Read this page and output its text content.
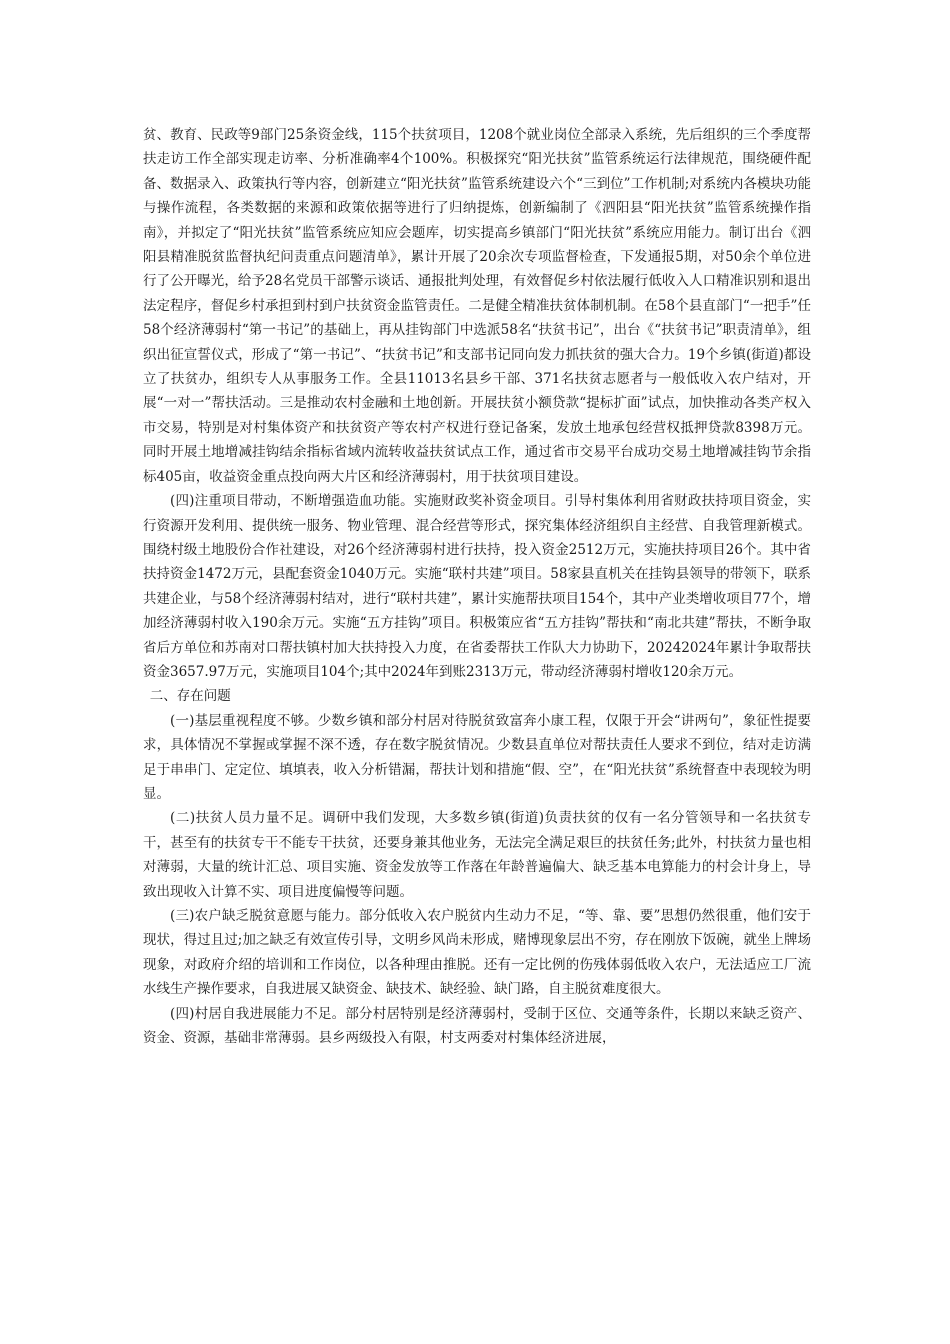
贫、教育、民政等9部门25条资金线，115个扶贫项目，1208个就业岗位全部录入系统，先后组织的三个季度帮扶走访工作全部实现走访率、分析准确率4个100%。积极探究“阳光扶贫”监管系统运行法律规范，围绕硬件配备、数据录入、政策执行等内容，创新建立“阳光扶贫”监管系统建设六个“三到位”工作机制;对系统内各模块功能与操作流程，各类数据的来源和政策依据等进行了归纳提炼，创新编制了《泗阳县“阳光扶贫”监管系统操作指南》，并拟定了“阳光扶贫”监管系统应知应会题库，切实提高乡镇部门“阳光扶贫”系统应用能力。制订出台《泗阳县精准脱贫监督执纪问责重点问题清单》，累计开展了20余次专项监督检查，下发通报5期，对50余个单位进行了公开曝光，给予28名党员干部警示谈话、通报批判处理，有效督促乡村依法履行低收入人口精准识别和退出法定程序，督促乡村承担到村到户扶贫资金监管责任。二是健全精准扶贫体制机制。在58个县直部门“一把手”任58个经济薄弱村“第一书记”的基础上，再从挂钩部门中选派58名“扶贫书记”，出台《“扶贫书记”职责清单》，组织出征宣誓仪式，形成了“第一书记”、“扶贫书记”和支部书记同向发力抓扶贫的强大合力。19个乡镇(街道)都设立了扶贫办，组织专人从事服务工作。全县11013名县乡干部、371名扶贫志愿者与一般低收入农户结对，开展“一对一”帮扶活动。三是推动农村金融和土地创新。开展扶贫小额贷款“提标扩面”试点，加快推动各类产权入市交易，特别是对村集体资产和扶贫资产等农村产权进行登记备案，发放土地承包经营权抵押贷款8398万元。同时开展土地增减挂钩结余指标省域内流转收益扶贫试点工作，通过省市交易平台成功交易土地增减挂钩节余指标405亩，收益资金重点投向两大片区和经济薄弱村，用于扶贫项目建设。

(四)注重项目带动，不断增强造血功能。实施财政奖补资金项目。引导村集体利用省财政扶持项目资金，实行资源开发利用、提供统一服务、物业管理、混合经营等形式，探究集体经济组织自主经营、自我管理新模式。围绕村级土地股份合作社建设，对26个经济薄弱村进行扶持，投入资金2512万元，实施扶持项目26个。其中省扶持资金1472万元，县配套资金1040万元。实施“联村共建”项目。58家县直机关在挂钩县领导的带领下，联系共建企业，与58个经济薄弱村结对，进行“联村共建”，累计实施帮扶项目154个，其中产业类增收项目77个，增加经济薄弱村收入190余万元。实施“五方挂钩”项目。积极策应省“五方挂钩”帮扶和“南北共建”帮扶，不断争取省后方单位和苏南对口帮扶镇村加大扶持投入力度，在省委帮扶工作队大力协助下，20242024年累计争取帮扶资金3657.97万元，实施项目104个;其中2024年到账2313万元，带动经济薄弱村增收120余万元。

二、存在问题

(一)基层重视程度不够。少数乡镇和部分村居对待脱贫致富奔小康工程，仅限于开会“讲两句”，象征性提要求，具体情况不掌握或掌握不深不透，存在数字脱贫情况。少数县直单位对帮扶责任人要求不到位，结对走访满足于串串门、定定位、填填表，收入分析错漏，帮扶计划和措施“假、空”，在“阳光扶贫”系统督查中表现较为明显。

(二)扶贫人员力量不足。调研中我们发现，大多数乡镇(街道)负责扶贫的仅有一名分管领导和一名扶贫专干，甚至有的扶贫专干不能专干扶贫，还要身兼其他业务，无法完全满足艰巨的扶贫任务;此外，村扶贫力量也相对薄弱，大量的统计汇总、项目实施、资金发放等工作落在年龄普遍偏大、缺乏基本电算能力的村会计身上，导致出现收入计算不实、项目进度偏慢等问题。

(三)农户缺乏脱贫意愿与能力。部分低收入农户脱贫内生动力不足，“等、靠、要”思想仍然很重，他们安于现状，得过且过;加之缺乏有效宣传引导，文明乡风尚未形成，赌博现象层出不穷，存在刚放下饭碗，就坐上牌场现象，对政府介绍的培训和工作岗位，以各种理由推脱。还有一定比例的伤残体弱低收入农户，无法适应工厂流水线生产操作要求，自我进展又缺资金、缺技术、缺经验、缺门路，自主脱贫难度很大。

(四)村居自我进展能力不足。部分村居特别是经济薄弱村，受制于区位、交通等条件，长期以来缺乏资产、资金、资源，基础非常薄弱。县乡两级投入有限，村支两委对村集体经济进展，
